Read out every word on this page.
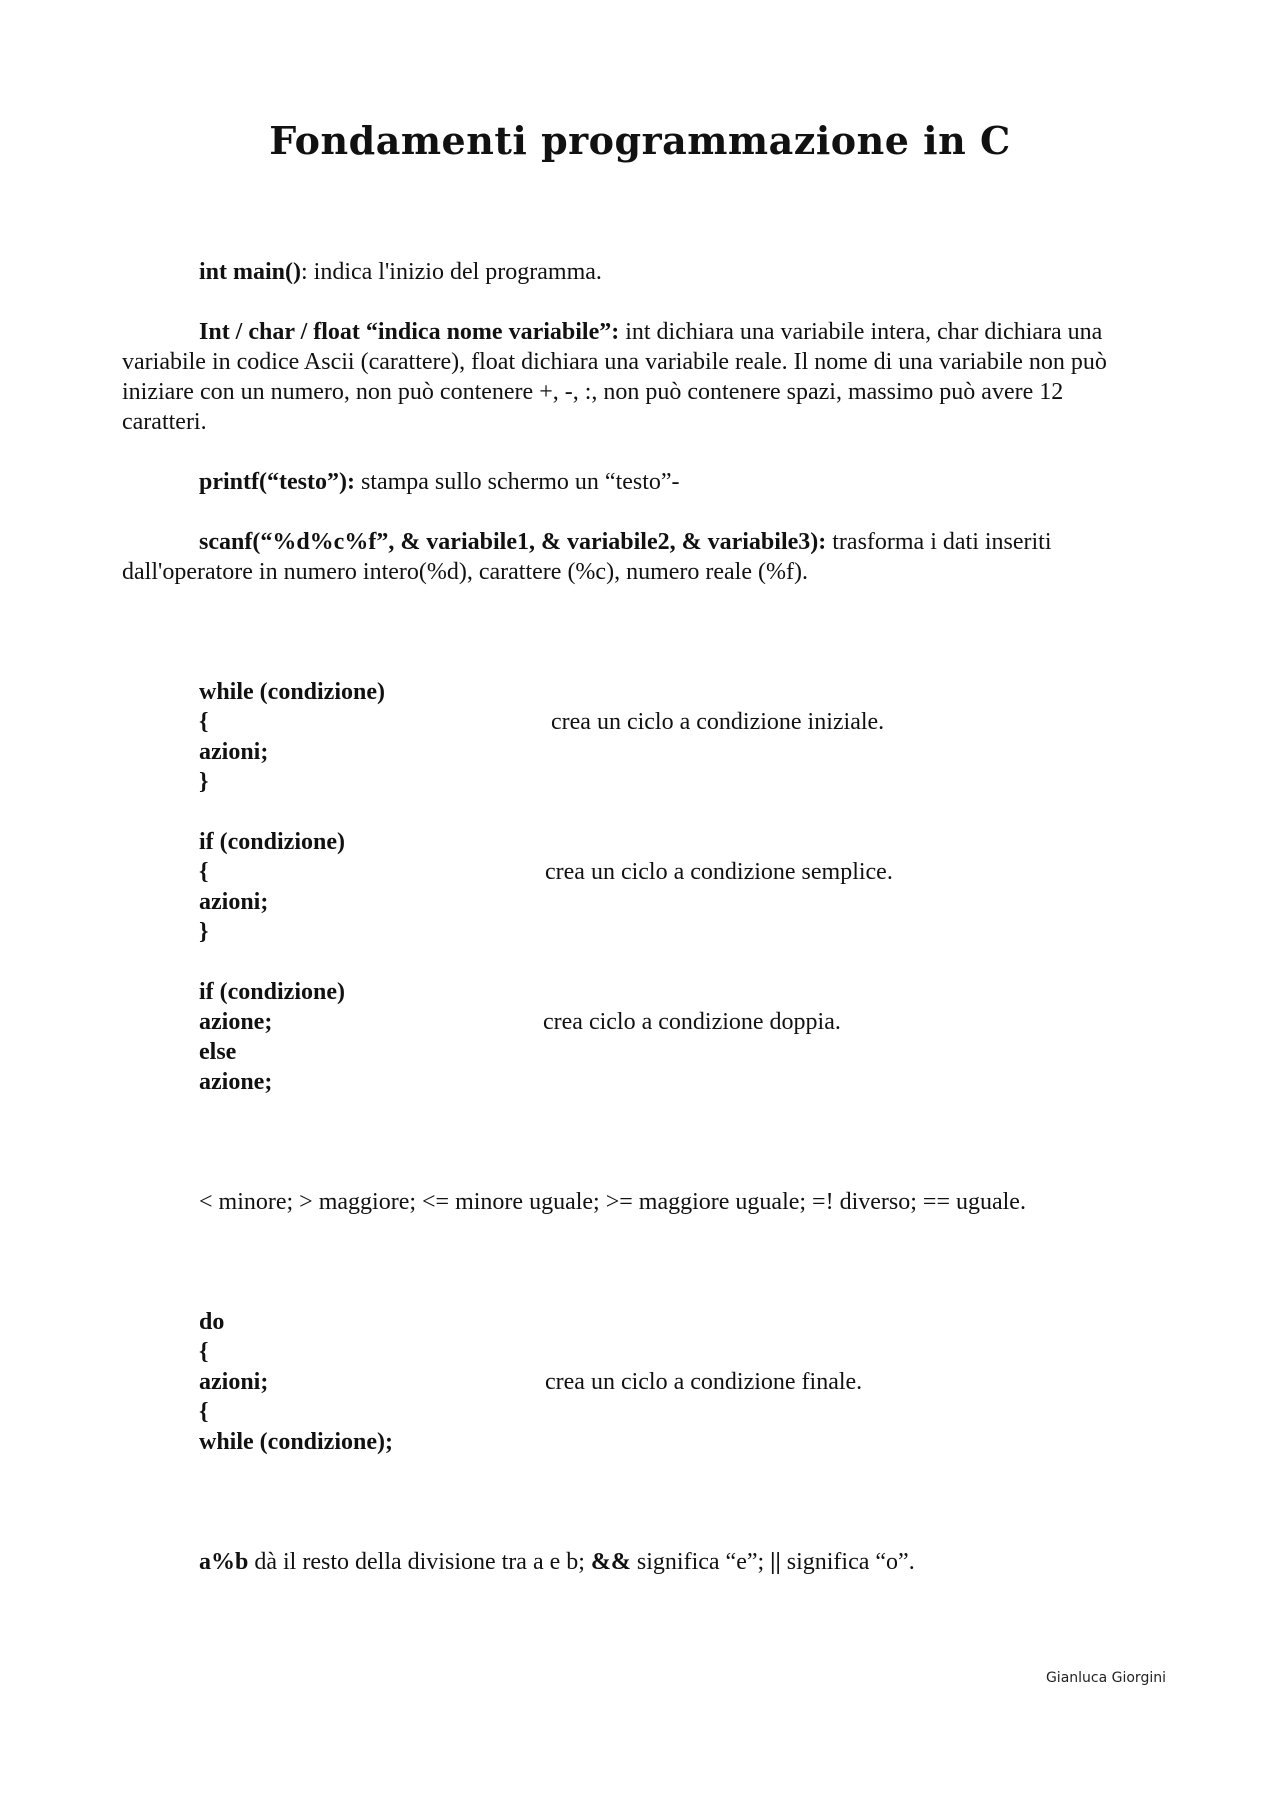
Fondamenti programmazione in C
int main(): indica l'inizio del programma.
Int / char / float “indica nome variabile”: int dichiara una variabile intera, char dichiara una variabile in codice Ascii (carattere), float dichiara una variabile reale. Il nome di una variabile non può iniziare con un numero, non può contenere +, -, :, non può contenere spazi, massimo può avere 12 caratteri.
printf(“testo”): stampa sullo schermo un “testo”-
scanf(“%d%c%f”, & variabile1, & variabile2, & variabile3): trasforma i dati inseriti dall'operatore in numero intero(%d), carattere (%c), numero reale (%f).
while (condizione)
{
azioni;
}
crea un ciclo a condizione iniziale.
if (condizione)
{
azioni;
}
crea un ciclo a condizione semplice.
if (condizione)
azione;
else
azione;
crea ciclo a condizione doppia.
< minore; > maggiore; <= minore uguale; >= maggiore uguale; =! diverso; == uguale.
do
{
azioni;
{
while (condizione);
crea un ciclo a condizione finale.
a%b dà il resto della divisione tra a e b; && significa “e”; || significa “o”.
Gianluca Giorgini
